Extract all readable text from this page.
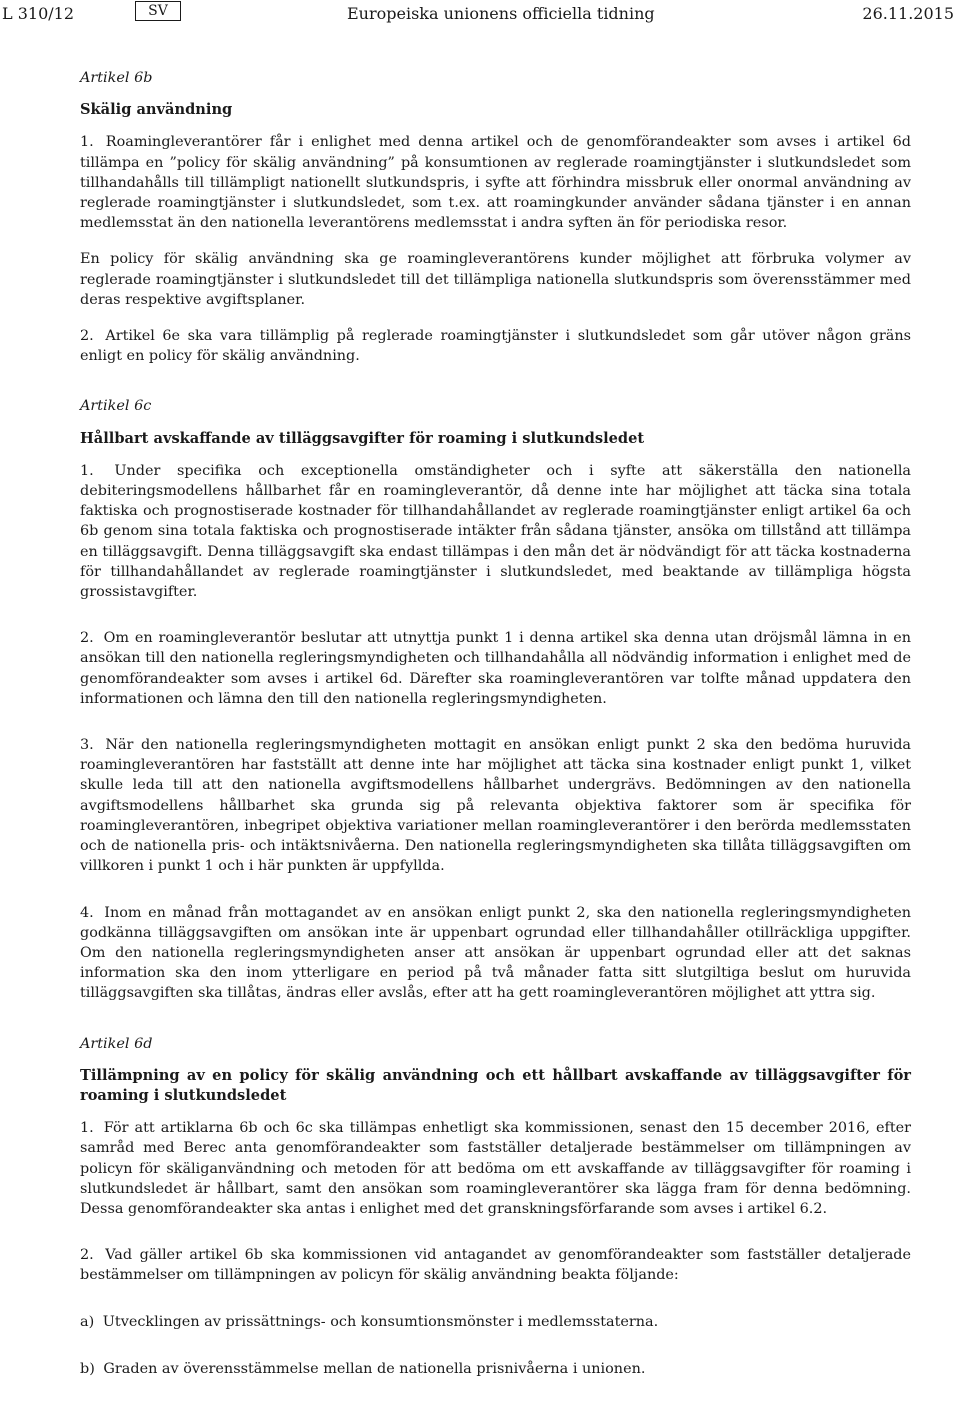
L 310/12	SV	Europeiska unionens officiella tidning	26.11.2015
Artikel 6b
Skälig användning

1. Roamingleverantörer får i enlighet med denna artikel och de genomförandeakter som avses i artikel 6d tillämpa en ”policy för skälig användning” på konsumtionen av reglerade roamingtjänster i slutkundsledet som tillhandahålls till tillämpligt nationellt slutkundspris, i syfte att förhindra missbruk eller onormal användning av reglerade roamingtjänster i slutkundsledet, som t.ex. att roamingkunder använder sådana tjänster i en annan medlemsstat än den nationella leverantörens medlemsstat i andra syften än för periodiska resor.

En policy för skälig användning ska ge roamingleverantörens kunder möjlighet att förbruka volymer av reglerade roamingtjänster i slutkundsledet till det tillämpliga nationella slutkundspris som överensstämmer med deras respektive avgiftsplaner.

2. Artikel 6e ska vara tillämplig på reglerade roamingtjänster i slutkundsledet som går utöver någon gräns enligt en policy för skälig användning.

Artikel 6c
Hållbart avskaffande av tilläggsavgifter för roaming i slutkundsledet

1. Under specifika och exceptionella omständigheter och i syfte att säkerställa den nationella debiteringsmodellens hållbarhet får en roamingleverantör, då denne inte har möjlighet att täcka sina totala faktiska och prognostiserade kostnader för tillhandahållandet av reglerade roamingtjänster enligt artikel 6a och 6b genom sina totala faktiska och prognostiserade intäkter från sådana tjänster, ansöka om tillstånd att tillämpa en tilläggsavgift. Denna tilläggsavgift ska endast tillämpas i den mån det är nödvändigt för att täcka kostnaderna för tillhandahållandet av reglerade roamingtjänster i slutkundsledet, med beaktande av tillämpliga högsta grossistavgifter.

2. Om en roamingleverantör beslutar att utnyttja punkt 1 i denna artikel ska denna utan dröjsmål lämna in en ansökan till den nationella regleringsmyndigheten och tillhandahålla all nödvändig information i enlighet med de genomförandeakter som avses i artikel 6d. Därefter ska roamingleverantören var tolfte månad uppdatera den informationen och lämna den till den nationella regleringsmyndigheten.

3. När den nationella regleringsmyndigheten mottagit en ansökan enligt punkt 2 ska den bedöma huruvida roamingleverantören har fastställt att denne inte har möjlighet att täcka sina kostnader enligt punkt 1, vilket skulle leda till att den nationella avgiftsmodellens hållbarhet undergrävs. Bedömningen av den nationella avgiftsmodellens hållbarhet ska grunda sig på relevanta objektiva faktorer som är specifika för roamingleverantören, inbegripet objektiva variationer mellan roamingleverantörer i den berörda medlemsstaten och de nationella pris- och intäktsnivåerna. Den nationella regleringsmyndigheten ska tillåta tilläggsavgiften om villkoren i punkt 1 och i här punkten är uppfyllda.

4. Inom en månad från mottagandet av en ansökan enligt punkt 2, ska den nationella regleringsmyndigheten godkänna tilläggsavgiften om ansökan inte är uppenbart ogrundad eller tillhandahåller otillräckliga uppgifter. Om den nationella regleringsmyndigheten anser att ansökan är uppenbart ogrundad eller att det saknas information ska den inom ytterligare en period på två månader fatta sitt slutgiltiga beslut om huruvida tilläggsavgiften ska tillåtas, ändras eller avslås, efter att ha gett roamingleverantören möjlighet att yttra sig.

Artikel 6d
Tillämpning av en policy för skälig användning och ett hållbart avskaffande av tilläggsavgifter för roaming i slutkundsledet

1. För att artiklarna 6b och 6c ska tillämpas enhetligt ska kommissionen, senast den 15 december 2016, efter samråd med Berec anta genomförandeakter som fastställer detaljerade bestämmelser om tillämpningen av policyn för skäliganvändning och metoden för att bedöma om ett avskaffande av tilläggsavgifter för roaming i slutkundsledet är hållbart, samt den ansökan som roamingleverantörer ska lägga fram för denna bedömning. Dessa genomförandeakter ska antas i enlighet med det granskningsförfarande som avses i artikel 6.2.

2. Vad gäller artikel 6b ska kommissionen vid antagandet av genomförandeakter som fastställer detaljerade bestämmelser om tillämpningen av policyn för skälig användning beakta följande:

a) Utvecklingen av prissättnings- och konsumtionsmönster i medlemsstaterna.

b) Graden av överensstämmelse mellan de nationella prisnivåerna i unionen.
